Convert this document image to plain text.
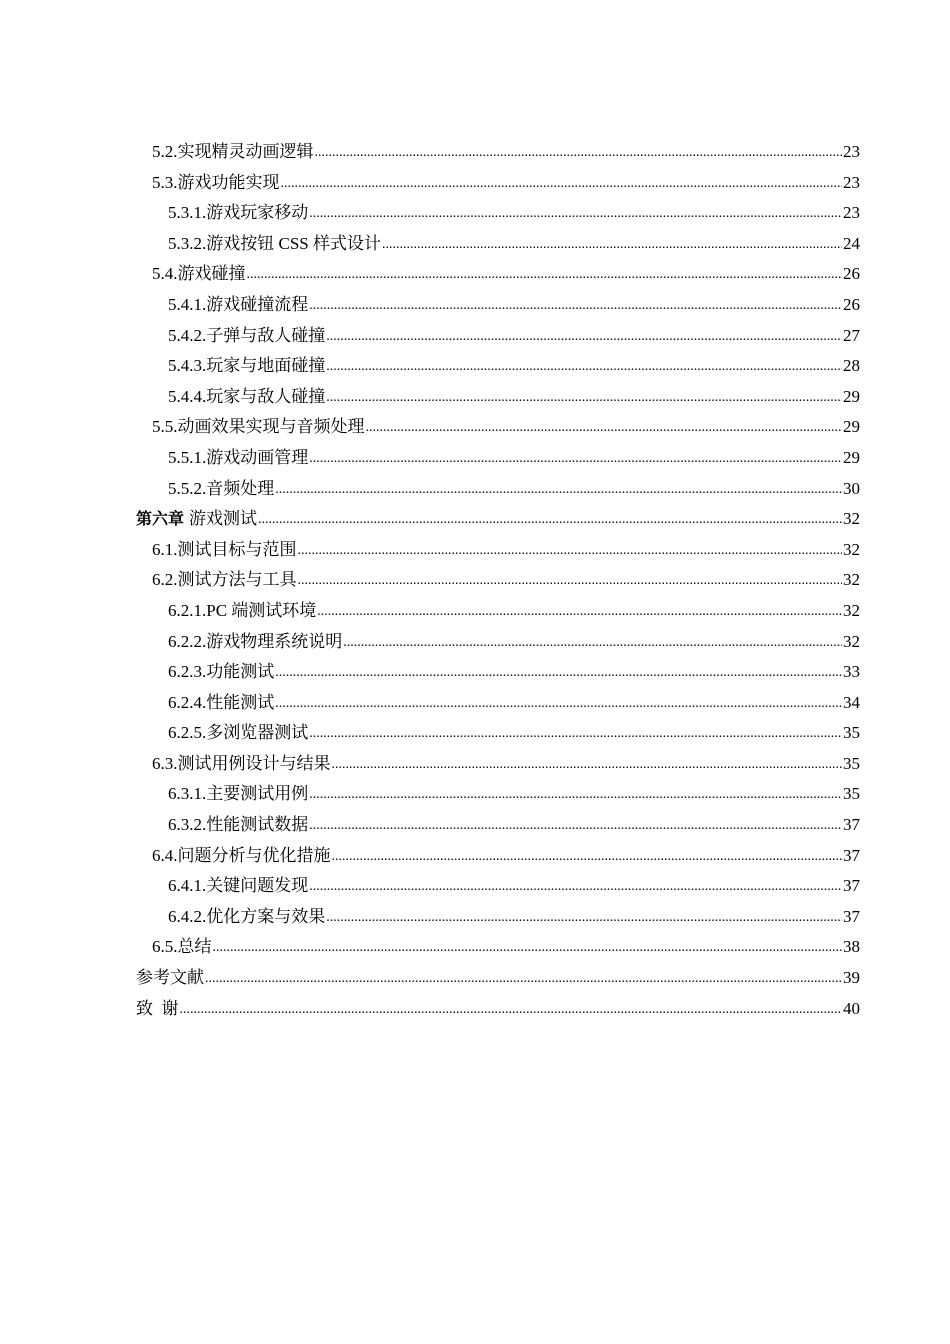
5.2.实现精灵动画逻辑 .....	23
5.3.游戏功能实现 .....	23
5.3.1.游戏玩家移动 .....	23
5.3.2.游戏按钮 CSS 样式设计 .....	24
5.4.游戏碰撞 .....	26
5.4.1.游戏碰撞流程 .....	26
5.4.2.子弹与敌人碰撞 .....	27
5.4.3.玩家与地面碰撞 .....	28
5.4.4.玩家与敌人碰撞 .....	29
5.5.动画效果实现与音频处理 .....	29
5.5.1.游戏动画管理 .....	29
5.5.2.音频处理 .....	30
第六章 游戏测试 .....	32
6.1.测试目标与范围 .....	32
6.2.测试方法与工具 .....	32
6.2.1.PC 端测试环境 .....	32
6.2.2.游戏物理系统说明 .....	32
6.2.3.功能测试 .....	33
6.2.4.性能测试 .....	34
6.2.5.多浏览器测试 .....	35
6.3.测试用例设计与结果 .....	35
6.3.1.主要测试用例 .....	35
6.3.2.性能测试数据 .....	37
6.4.问题分析与优化措施 .....	37
6.4.1.关键问题发现 .....	37
6.4.2.优化方案与效果 .....	37
6.5.总结 .....	38
参考文献 .....	39
致  谢 .....	40
